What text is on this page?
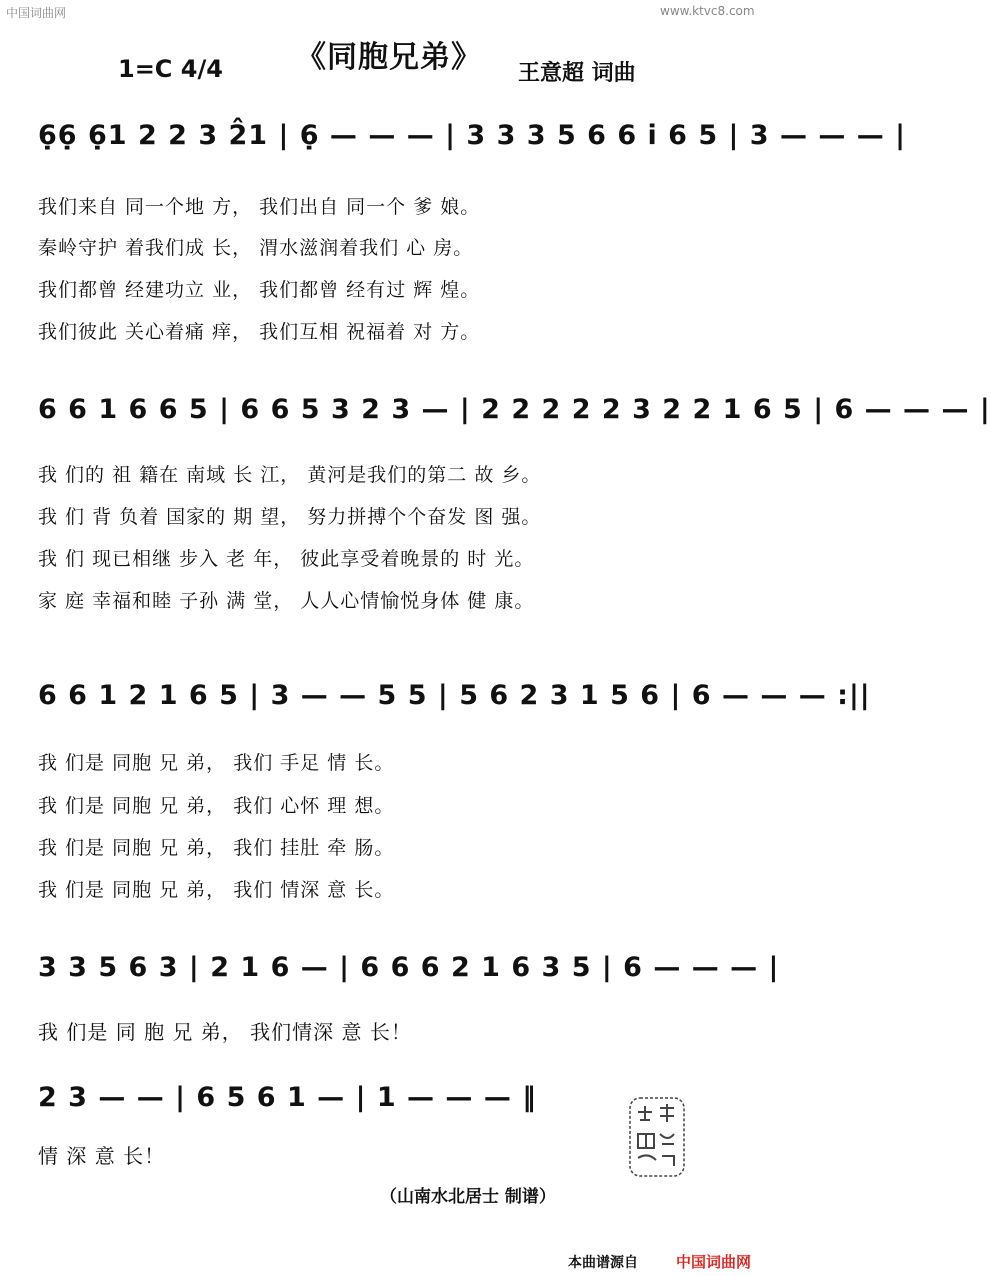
中国词曲网	www.ktvc8.com
《同胞兄弟》
1=C 4/4	王意超 词曲
6̣6̣ 6̣1 2 2 3 2̂1 | 6̣ — — — | 3 3 3 5 6 6 i 6 5 | 3 — — — |
我们来自 同一个地 方， 我们出自 同一个 爹 娘。
秦岭守护 着我们成 长， 渭水滋润着我们 心 房。
我们都曾 经建功立 业， 我们都曾 经有过 辉 煌。
我们彼此 关心着痛 痒， 我们互相 祝福着 对 方。
6 6 1 6 6 5 | 6 6 5 3 2 3 — | 2 2 2 2 2 3 2 2 1 6 5 | 6 — — — |
我 们的 祖 籍在 南域 长 江， 黄河是我们的第二 故 乡。
我 们 背 负着 国家的 期 望， 努力拼搏个个奋发 图 强。
我 们 现已相继 步入 老 年， 彼此享受着晚景的 时 光。
家 庭 幸福和睦 子孙 满 堂， 人人心情愉悦身体 健 康。
6 6 1 2 1 6 5 | 3 — — 5 5 | 5 6 2 3 1 5 6 | 6 — — — :||
我 们是 同胞 兄 弟， 我们 手足 情 长。
我 们是 同胞 兄 弟， 我们 心怀 理 想。
我 们是 同胞 兄 弟， 我们 挂肚 牵 肠。
我 们是 同胞 兄 弟， 我们 情深 意 长。
3 3 5 6 3 | 2 1 6 — | 6 6 6 2 1 6 3 5 | 6 — — — |
我 们是 同 胞 兄 弟， 我们情深 意 长！
2 3 — — | 6 5 6 1 — | 1 — — — ‖
情 深 意 长！
（山南水北居士 制谱）
本曲谱源自	中国词曲网
